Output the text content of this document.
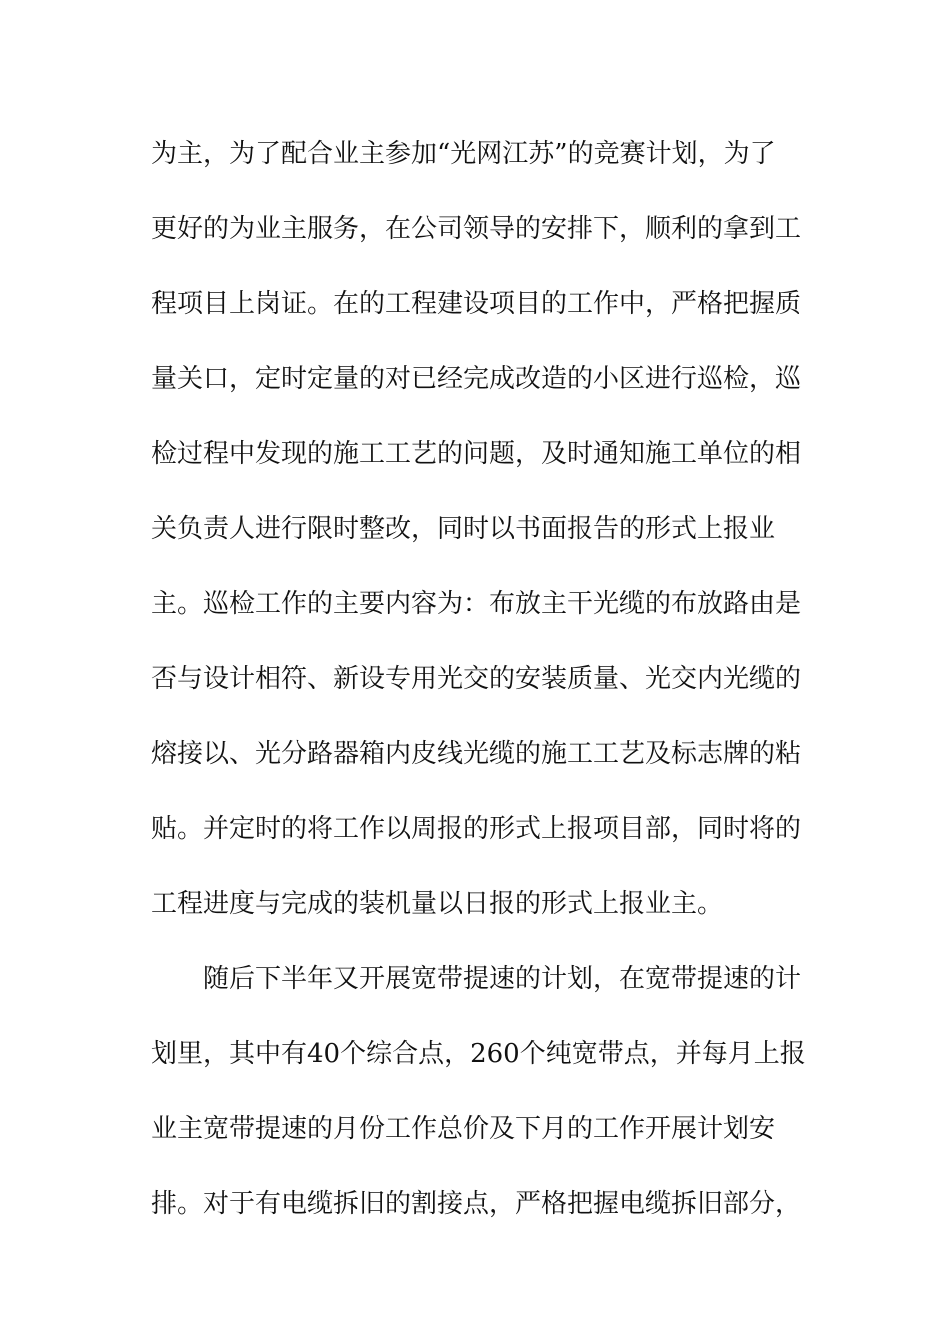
为主，为了配合业主参加“光网江苏”的竞赛计划，为了
更好的为业主服务，在公司领导的安排下，顺利的拿到工
程项目上岗证。在的工程建设项目的工作中，严格把握质
量关口，定时定量的对已经完成改造的小区进行巡检，巡
检过程中发现的施工工艺的问题，及时通知施工单位的相
关负责人进行限时整改，同时以书面报告的形式上报业
主。巡检工作的主要内容为：布放主干光缆的布放路由是
否与设计相符、新设专用光交的安装质量、光交内光缆的
熔接以、光分路器箱内皮线光缆的施工工艺及标志牌的粘
贴。并定时的将工作以周报的形式上报项目部，同时将的
工程进度与完成的装机量以日报的形式上报业主。
随后下半年又开展宽带提速的计划，在宽带提速的计
划里，其中有40个综合点，260个纯宽带点，并每月上报
业主宽带提速的月份工作总价及下月的工作开展计划安
排。对于有电缆拆旧的割接点，严格把握电缆拆旧部分，
